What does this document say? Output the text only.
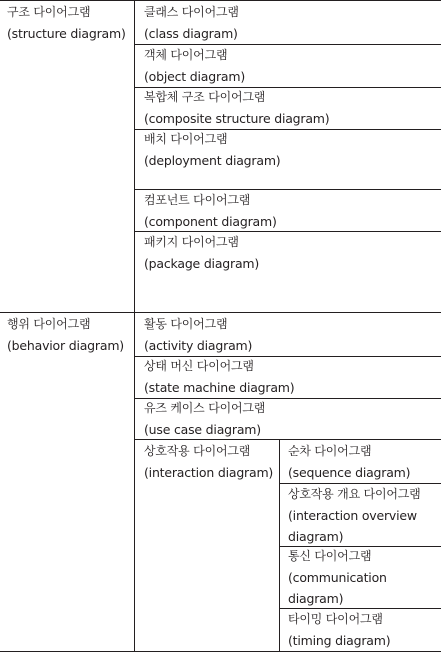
구조 다이어그램
(structure diagram)
클래스 다이어그램
(class diagram)
객체 다이어그램
(object diagram)
복합체 구조 다이어그램
(composite structure diagram)
배치 다이어그램
(deployment diagram)
컴포넌트 다이어그램
(component diagram)
패키지 다이어그램
(package diagram)
행위 다이어그램
(behavior diagram)
활동 다이어그램
(activity diagram)
상태 머신 다이어그램
(state machine diagram)
유즈 케이스 다이어그램
(use case diagram)
상호작용 다이어그램
(interaction diagram)
순차 다이어그램
(sequence diagram)
상호작용 개요 다이어그램
(interaction overview
diagram)
통신 다이어그램
(communication
diagram)
타이밍 다이어그램
(timing diagram)
